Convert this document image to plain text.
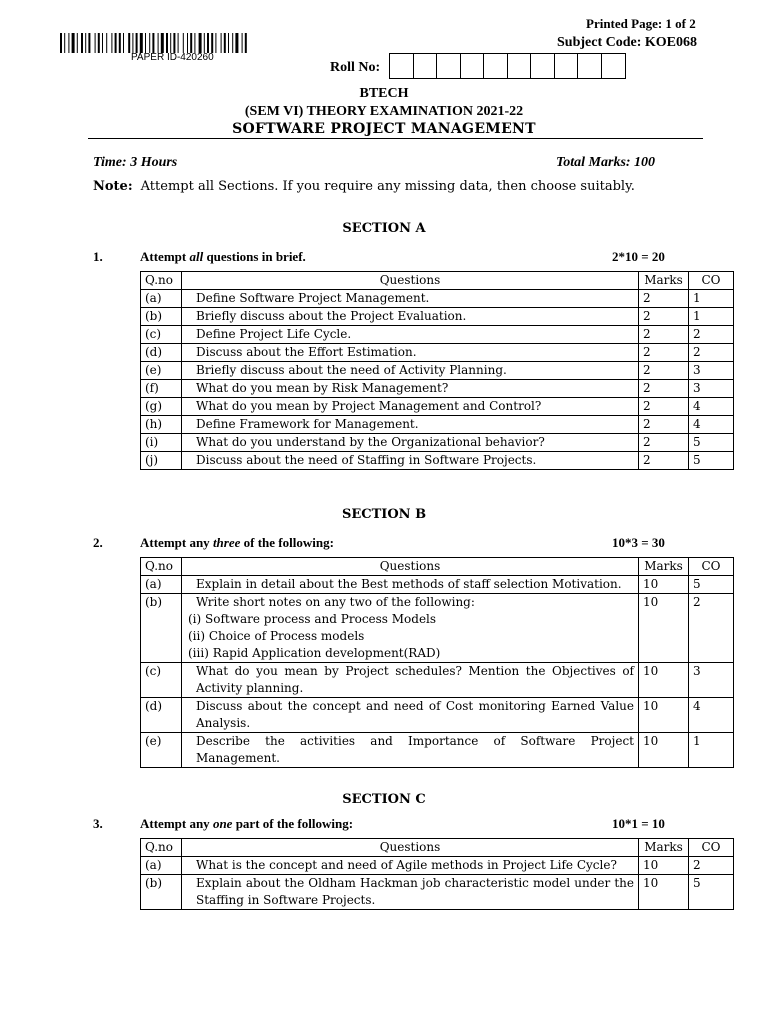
PAPER ID-420260
Printed Page: 1 of 2
Subject Code: KOE068
Roll No:
BTECH
(SEM VI) THEORY EXAMINATION 2021-22
SOFTWARE PROJECT MANAGEMENT
Time: 3 Hours	Total Marks: 100
Note: Attempt all Sections. If you require any missing data, then choose suitably.
SECTION A
1.	Attempt all questions in brief.	2*10 = 20
Q.no	Questions	Marks	CO
(a)	Define Software Project Management.	2	1
(b)	Briefly discuss about the Project Evaluation.	2	1
(c)	Define Project Life Cycle.	2	2
(d)	Discuss about the Effort Estimation.	2	2
(e)	Briefly discuss about the need of Activity Planning.	2	3
(f)	What do you mean by Risk Management?	2	3
(g)	What do you mean by Project Management and Control?	2	4
(h)	Define Framework for Management.	2	4
(i)	What do you understand by the Organizational behavior?	2	5
(j)	Discuss about the need of Staffing in Software Projects.	2	5
SECTION B
2.	Attempt any three of the following:	10*3 = 30
Q.no	Questions	Marks	CO
(a)	Explain in detail about the Best methods of staff selection Motivation.	10	5
(b)	Write short notes on any two of the following:
(i) Software process and Process Models
(ii) Choice of Process models
(iii) Rapid Application development(RAD)	10	2
(c)	What do you mean by Project schedules? Mention the Objectives of Activity planning.	10	3
(d)	Discuss about the concept and need of Cost monitoring Earned Value Analysis.	10	4
(e)	Describe the activities and Importance of Software Project Management.	10	1
SECTION C
3.	Attempt any one part of the following:	10*1 = 10
Q.no	Questions	Marks	CO
(a)	What is the concept and need of Agile methods in Project Life Cycle?	10	2
(b)	Explain about the Oldham Hackman job characteristic model under the Staffing in Software Projects.	10	5
